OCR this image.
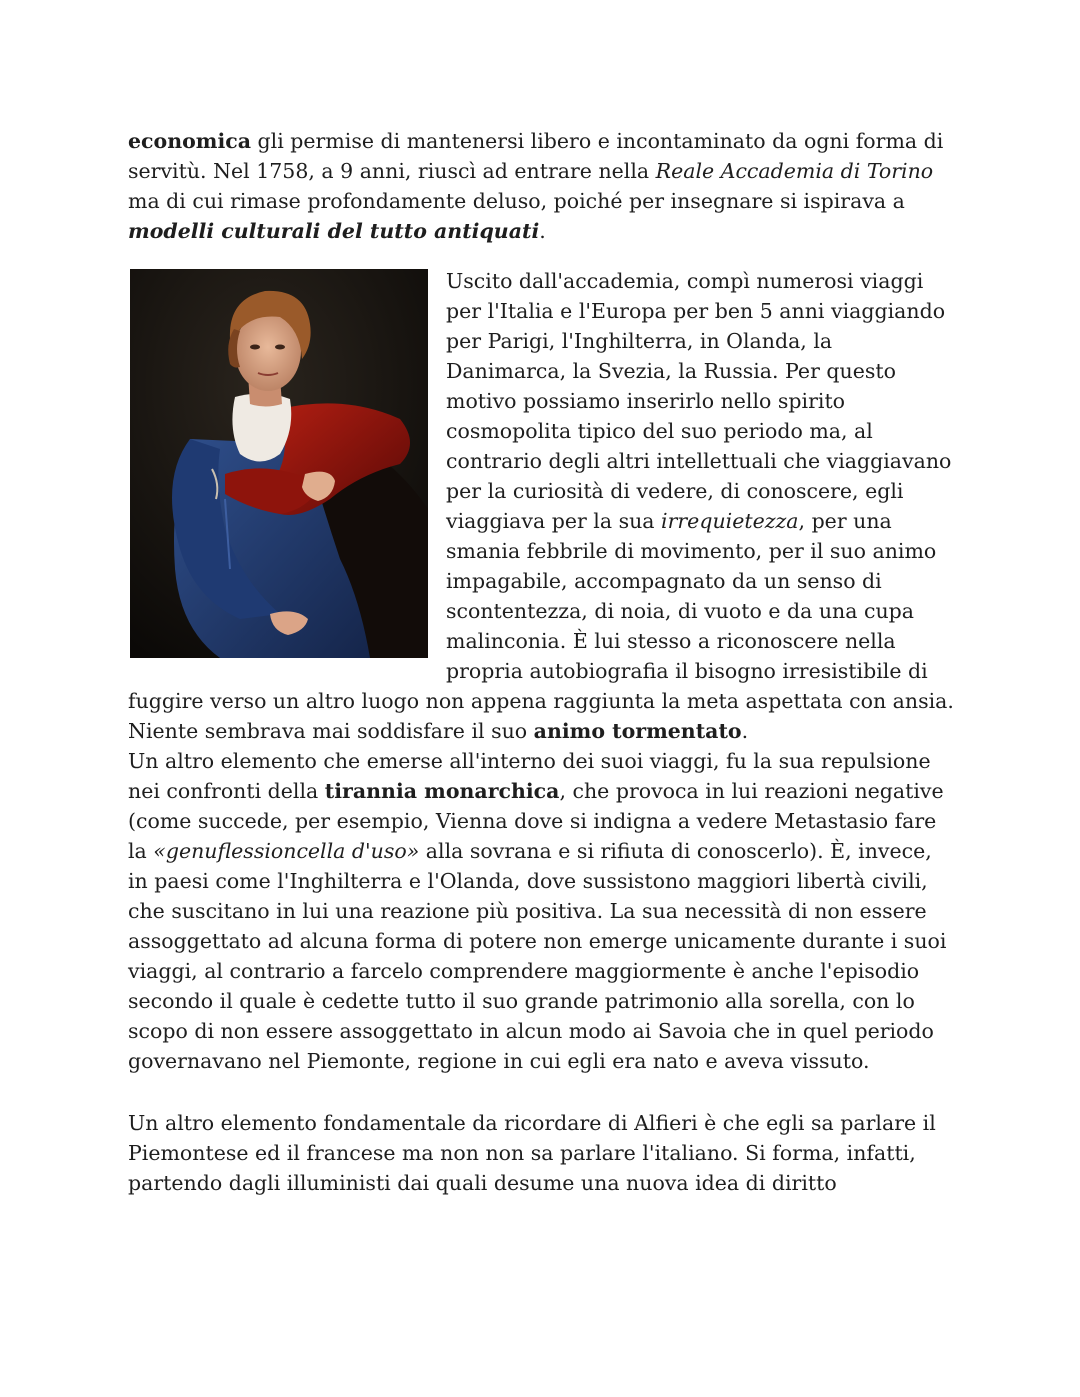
economica gli permise di mantenersi libero e incontaminato da ogni forma di servitù. Nel 1758, a 9 anni, riuscì ad entrare nella Reale Accademia di Torino ma di cui rimase profondamente deluso, poiché per insegnare si ispirava a modelli culturali del tutto antiquati.

Uscito dall'accademia, compì numerosi viaggi per l'Italia e l'Europa per ben 5 anni viaggiando per Parigi, l'Inghilterra, in Olanda, la Danimarca, la Svezia, la Russia. Per questo motivo possiamo inserirlo nello spirito cosmopolita tipico del suo periodo ma, al contrario degli altri intellettuali che viaggiavano per la curiosità di vedere, di conoscere, egli viaggiava per la sua irrequietezza, per una smania febbrile di movimento, per il suo animo impagabile, accompagnato da un senso di scontentezza, di noia, di vuoto e da una cupa malinconia. È lui stesso a riconoscere nella propria autobiografia il bisogno irresistibile di fuggire verso un altro luogo non appena raggiunta la meta aspettata con ansia. Niente sembrava mai soddisfare il suo animo tormentato.

Un altro elemento che emerse all'interno dei suoi viaggi, fu la sua repulsione nei confronti della tirannia monarchica, che provoca in lui reazioni negative (come succede, per esempio, Vienna dove si indigna a vedere Metastasio fare la «genuflessioncella d'uso» alla sovrana e si rifiuta di conoscerlo). È, invece, in paesi come l'Inghilterra e l'Olanda, dove sussistono maggiori libertà civili, che suscitano in lui una reazione più positiva. La sua necessità di non essere assoggettato ad alcuna forma di potere non emerge unicamente durante i suoi viaggi, al contrario a farcelo comprendere maggiormente è anche l'episodio secondo il quale è cedette tutto il suo grande patrimonio alla sorella, con lo scopo di non essere assoggettato in alcun modo ai Savoia che in quel periodo governavano nel Piemonte, regione in cui egli era nato e aveva vissuto.

Un altro elemento fondamentale da ricordare di Alfieri è che egli sa parlare il Piemontese ed il francese ma non non sa parlare l'italiano. Si forma, infatti, partendo dagli illuministi dai quali desume una nuova idea di diritto
